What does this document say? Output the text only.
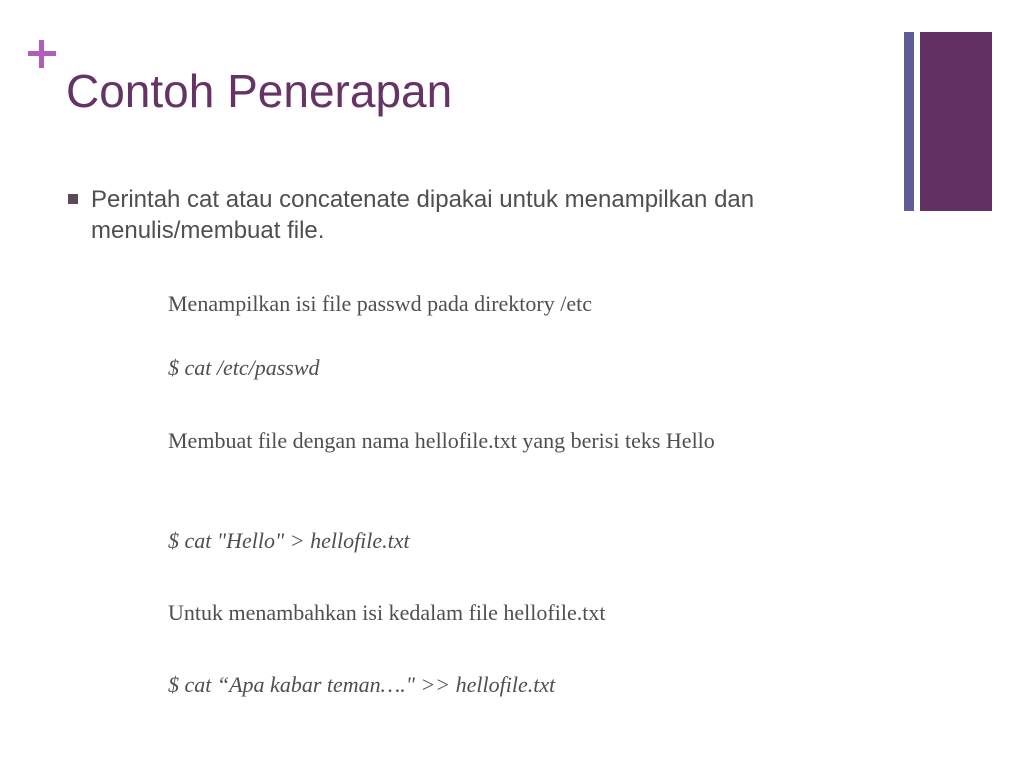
Contoh Penerapan
Perintah cat atau concatenate dipakai untuk menampilkan dan menulis/membuat file.
Menampilkan isi file passwd pada direktory /etc
$ cat /etc/passwd
Membuat file dengan nama hellofile.txt yang berisi teks Hello
$ cat "Hello" > hellofile.txt
Untuk menambahkan isi kedalam file hellofile.txt
$ cat “Apa kabar teman…." >> hellofile.txt
